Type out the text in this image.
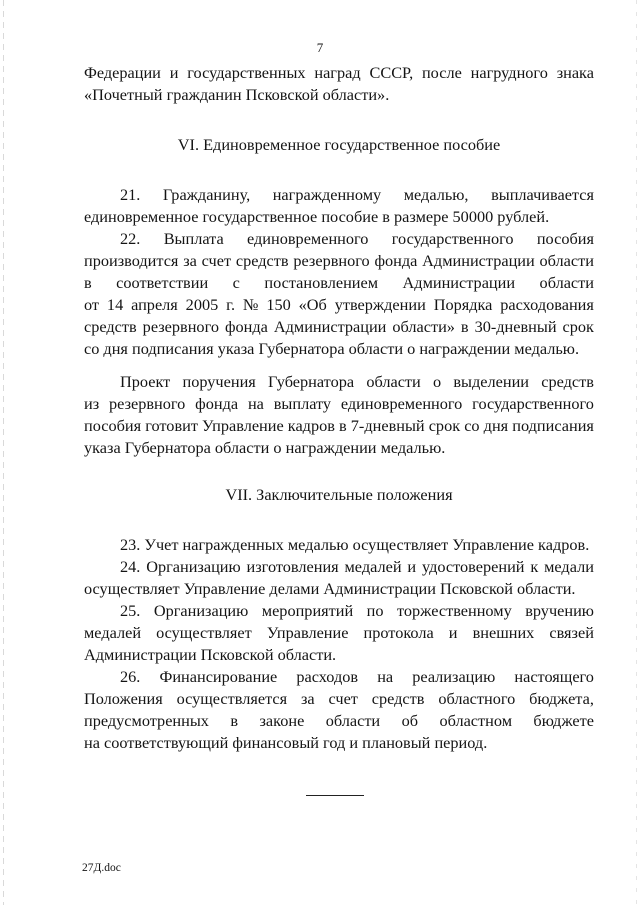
7
Федерации и государственных наград СССР, после нагрудного знака
«Почетный гражданин Псковской области».
VI. Единовременное государственное пособие
21. Гражданину, награжденному медалью, выплачивается
единовременное государственное пособие в размере 50000 рублей.
22. Выплата единовременного государственного пособия
производится за счет средств резервного фонда Администрации области
в соответствии с постановлением Администрации области
от 14 апреля 2005 г. № 150 «Об утверждении Порядка расходования
средств резервного фонда Администрации области» в 30-дневный срок
со дня подписания указа Губернатора области о награждении медалью.
Проект поручения Губернатора области о выделении средств
из резервного фонда на выплату единовременного государственного
пособия готовит Управление кадров в 7-дневный срок со дня подписания
указа Губернатора области о награждении медалью.
VII. Заключительные положения
23. Учет награжденных медалью осуществляет Управление кадров.
24. Организацию изготовления медалей и удостоверений к медали
осуществляет Управление делами Администрации Псковской области.
25. Организацию мероприятий по торжественному вручению
медалей осуществляет Управление протокола и внешних связей
Администрации Псковской области.
26. Финансирование расходов на реализацию настоящего
Положения осуществляется за счет средств областного бюджета,
предусмотренных в законе области об областном бюджете
на соответствующий финансовый год и плановый период.
27Д.doc
